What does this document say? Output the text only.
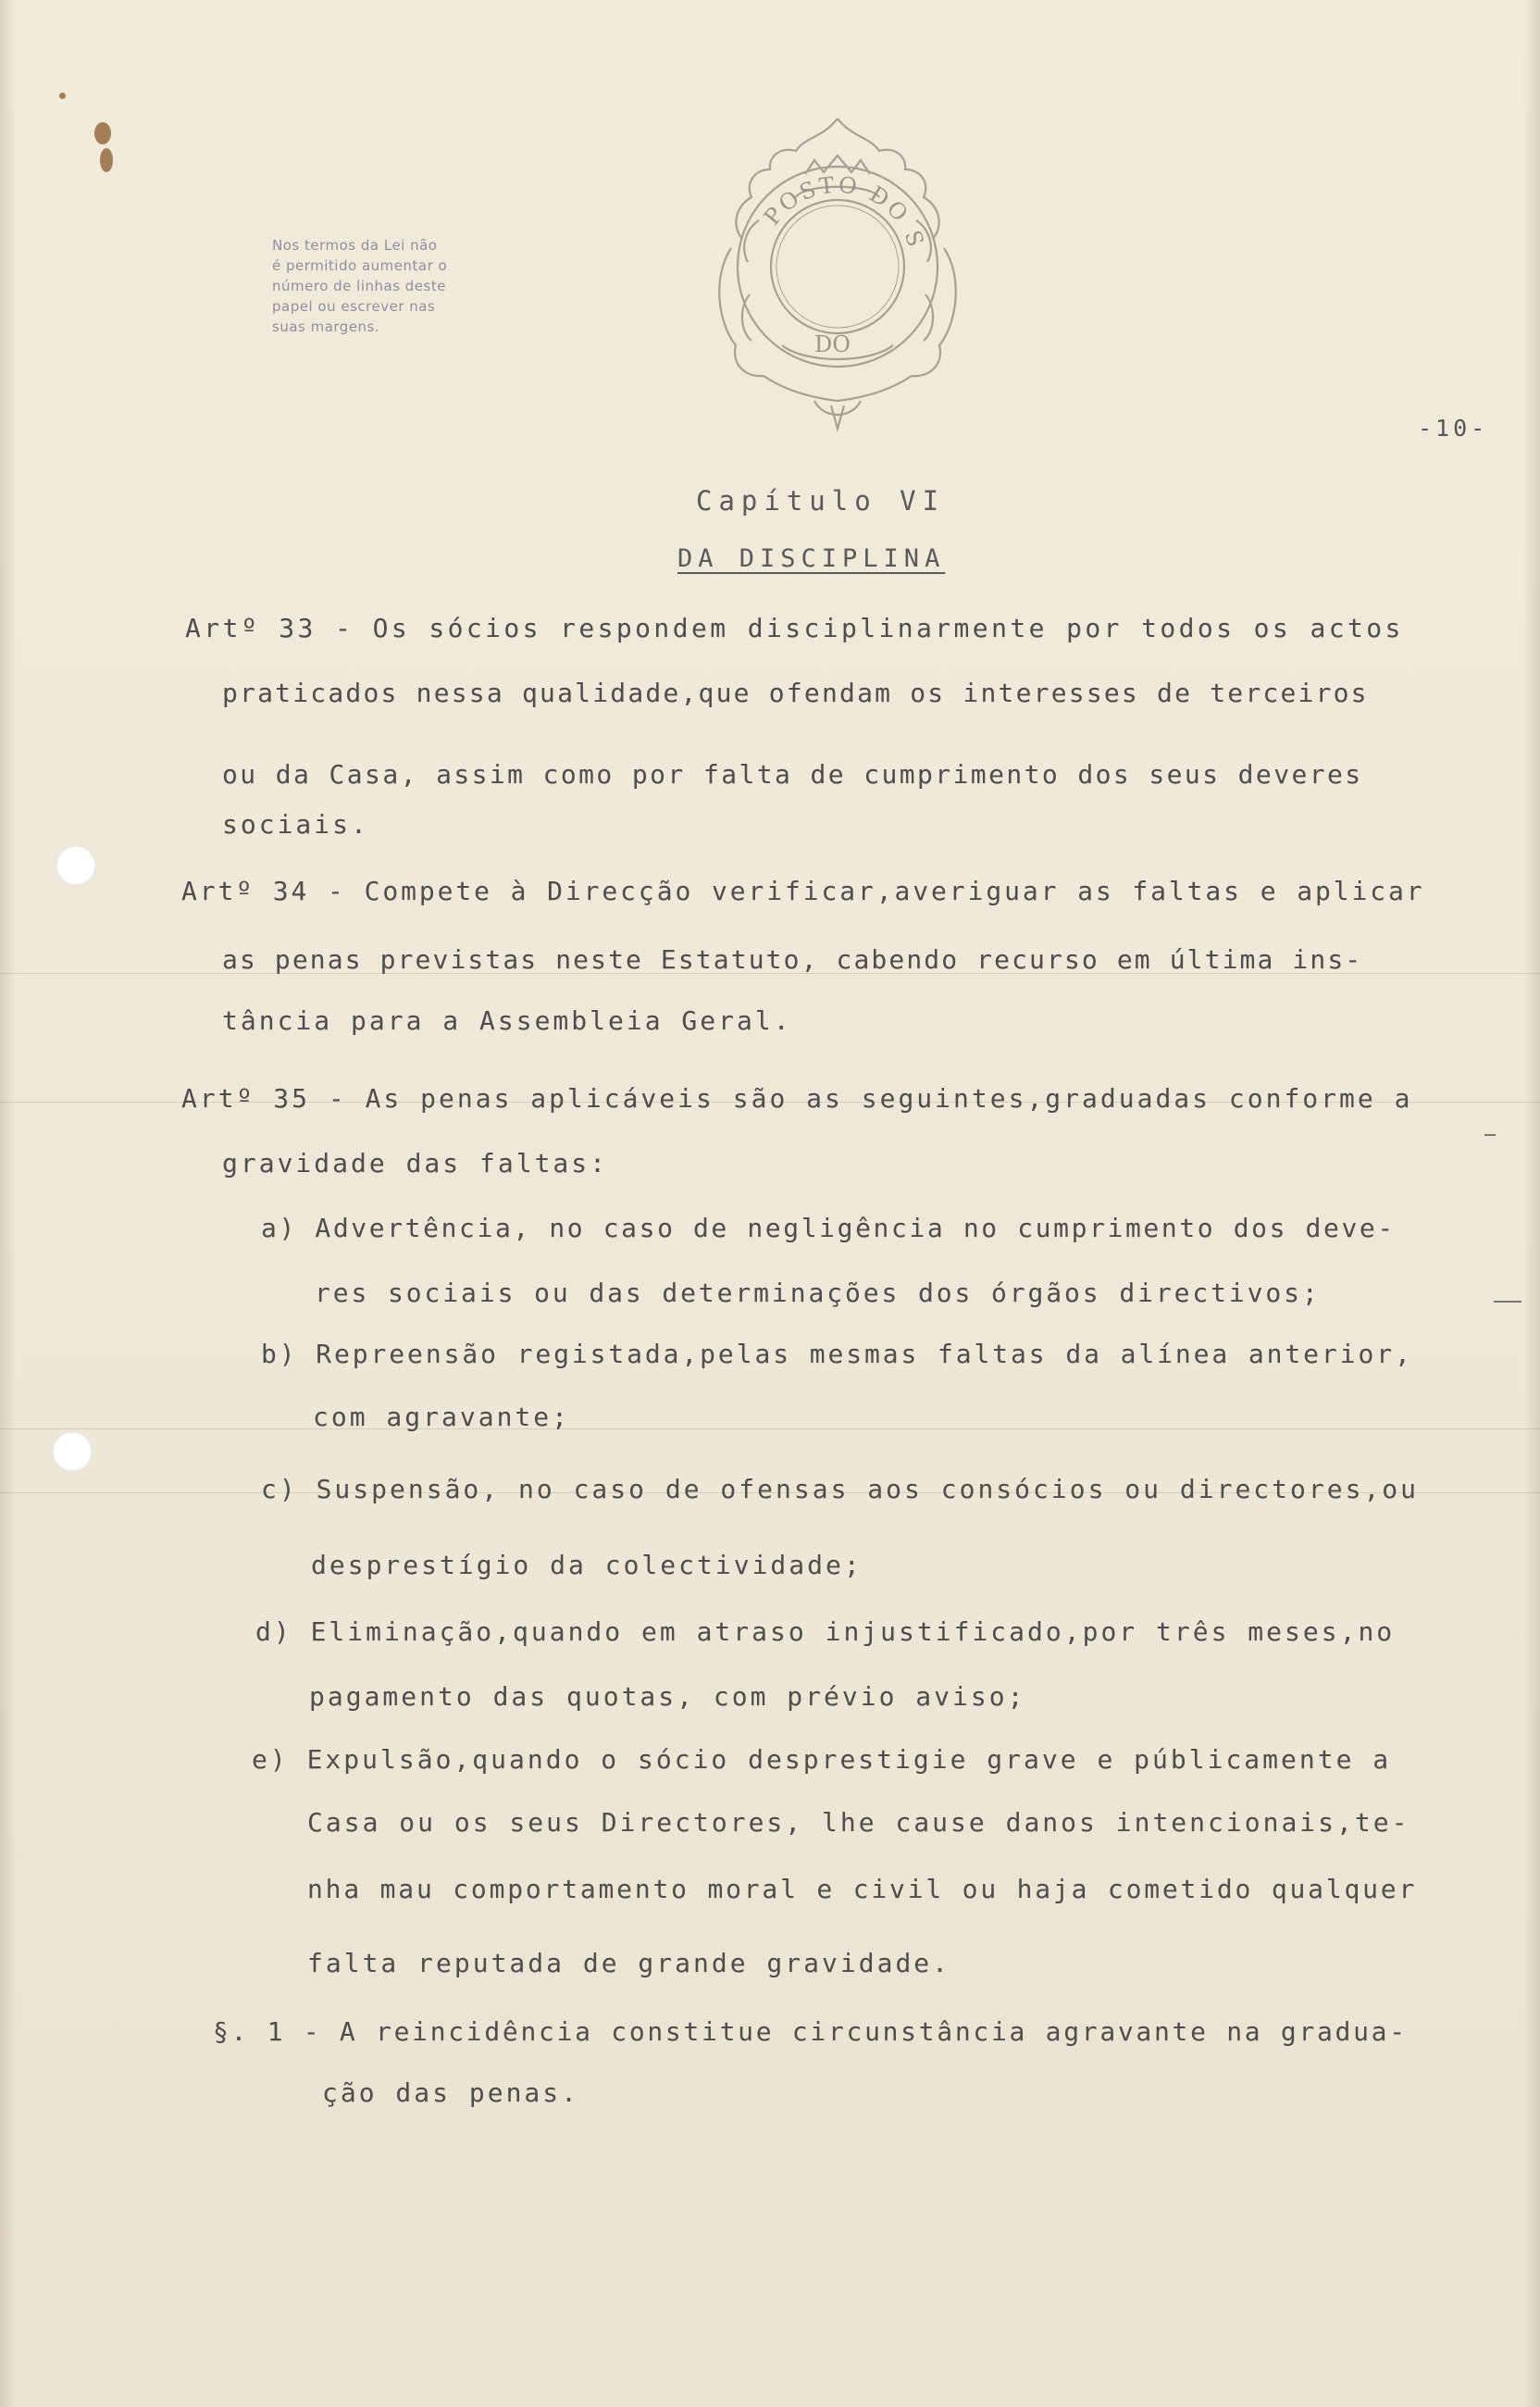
Nos termos da Lei não
é permitido aumentar o
número de linhas deste
papel ou escrever nas
suas margens.
POSTO DO S
DO
-10-
Capítulo VI
DA DISCIPLINA
Artº 33 - Os sócios respondem disciplinarmente por todos os actos
praticados nessa qualidade,que ofendam os interesses de terceiros
ou da Casa, assim como por falta de cumprimento dos seus deveres
sociais.
Artº 34 - Compete à Direcção verificar,averiguar as faltas e aplicar
as penas previstas neste Estatuto, cabendo recurso em última ins-
tância para a Assembleia Geral.
Artº 35 - As penas aplicáveis são as seguintes,graduadas conforme a
gravidade das faltas:
a) Advertência, no caso de negligência no cumprimento dos deve-
res sociais ou das determinações dos órgãos directivos;
b) Repreensão registada,pelas mesmas faltas da alínea anterior,
com agravante;
c) Suspensão, no caso de ofensas aos consócios ou directores,ou
desprestígio da colectividade;
d) Eliminação,quando em atraso injustificado,por três meses,no
pagamento das quotas, com prévio aviso;
e) Expulsão,quando o sócio desprestigie grave e públicamente a
Casa ou os seus Directores, lhe cause danos intencionais,te-
nha mau comportamento moral e civil ou haja cometido qualquer
falta reputada de grande gravidade.
§. 1 - A reincidência constitue circunstância agravante na gradua-
ção das penas.
